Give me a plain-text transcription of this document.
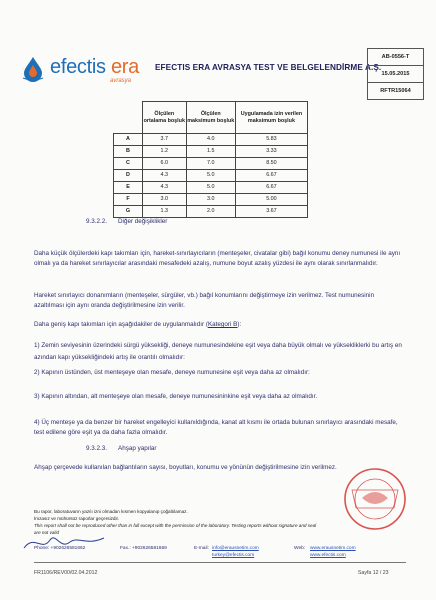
efectis era
avrasya
EFECTIS ERA AVRASYA TEST VE BELGELENDİRME A.Ş.
AB-0556-T
15.05.2015
RFTR15064
	Ölçülen ortalama boşluk	Ölçülen maksimum boşluk	Uygulamada izin verilen maksimum boşluk
A	3.7	4.0	5.83
B	1.2	1.5	3.33
C	6.0	7.0	8.50
D	4.3	5.0	6.67
E	4.3	5.0	6.67
F	3.0	3.0	5.00
G	1.3	2.0	3.67
9.3.2.2. Diğer değişiklikler
Daha küçük ölçülerdeki kapı takımları için, hareket-sınırlayıcıların (menteşeler, civatalar gibi) bağıl konumu deney numunesi ile aynı olmalı ya da hareket sınırlayıcılar arasındaki mesafedeki azalış, numune boyut azalış yüzdesi ile aynı olarak sınırlanmalıdır.
Hareket sınırlayıcı donanımların (menteşeler, sürgüler, vb.) bağıl konumlarını değiştirmeye izin verilmez. Test numunesinin azaltılması için aynı oranda değiştirilmesine izin verilir.
Daha geniş kapı takımları için aşağıdakiler de uygulanmalıdır (Kategori B):
1) Zemin seviyesinin üzerindeki sürgü yüksekliği, deneye numunesindekine eşit veya daha büyük olmalı ve yüksekliklerki bu artış en azından kapı yüksekliğindeki artış ile orantılı olmalıdır:
2) Kapının üstünden, üst menteşeye olan mesafe, deneye numunesine eşit veya daha az olmalıdır:
3) Kapının altından, alt menteşeye olan mesafe, deneye numunesininkine eşit veya daha az olmalıdır.
4) Üç menteşe ya da benzer bir hareket engelleyici kullanıldığında, kanat alt kısmı ile ortada bulunan sınırlayıcı arasındaki mesafe, test edilene göre eşit ya da daha fazla olmalıdır.
9.3.2.3. Ahşap yapılar
Ahşap çerçevede kullanılan bağlantıların sayısı, boyutları, konumu ve yönünün değiştirilmesine izin verilmez.
Bu rapor, laboratuvarın yazılı izni olmadan kısmen kopyalanıp çoğaltılamaz.
İmzasız ve mühürsüz raporlar geçersizdir.
This report shall not be reproduced other than in full except with the permission of the laboratory. Testing reports without signature and seal
are not valid
Phone: +902626581662	Fax.: +902626581669	E-mail: info@erausnetim.com
turkey@efectis.com
Web: www.erausnetim.com
www.efectis.com
FR1106/REV00/02.04.2012	Sayfa 12 / 23
